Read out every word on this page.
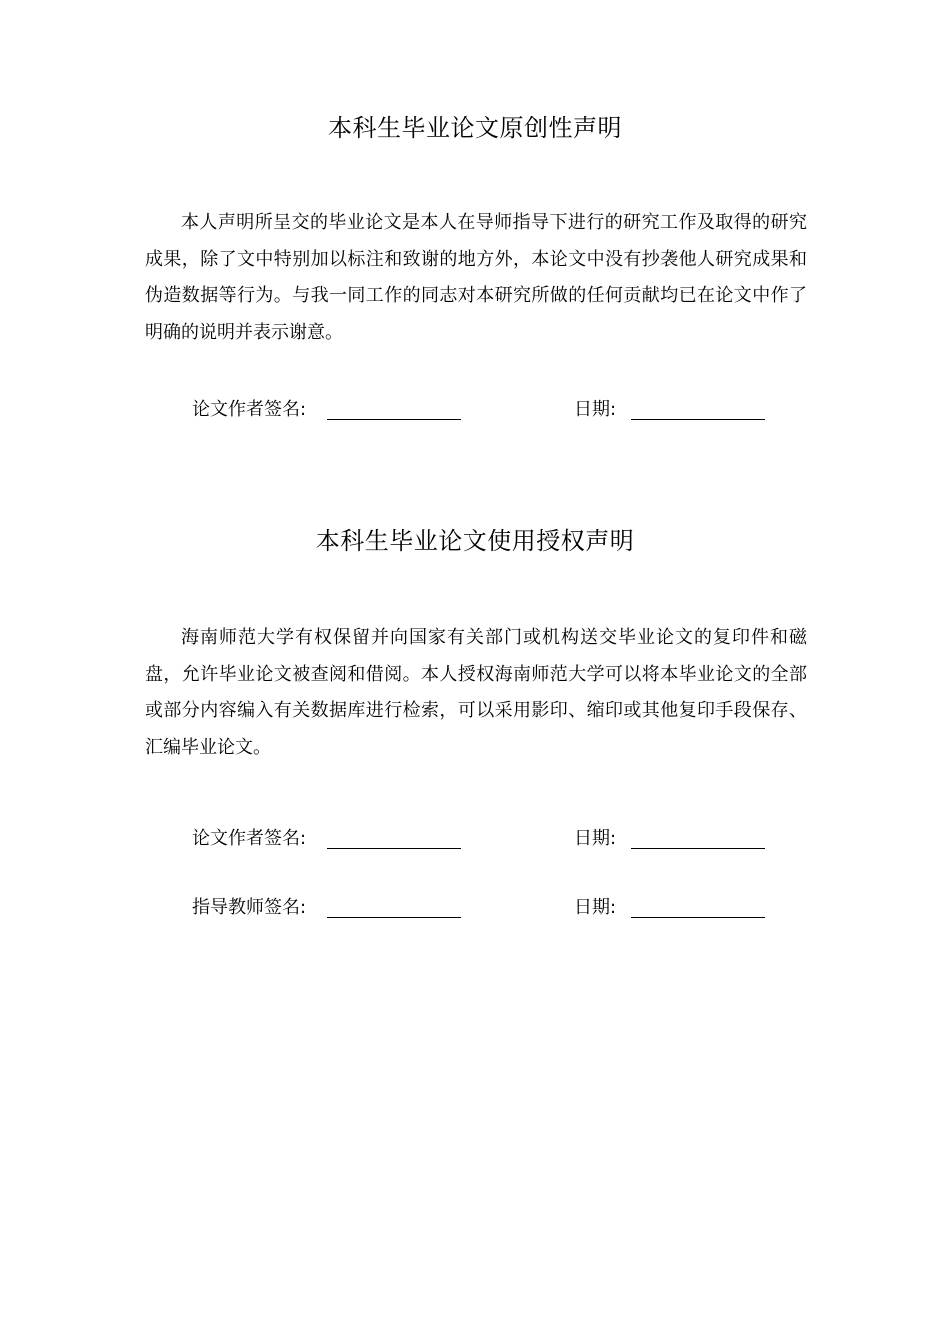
本科生毕业论文原创性声明

本人声明所呈交的毕业论文是本人在导师指导下进行的研究工作及取得的研究成果，除了文中特别加以标注和致谢的地方外，本论文中没有抄袭他人研究成果和伪造数据等行为。与我一同工作的同志对本研究所做的任何贡献均已在论文中作了明确的说明并表示谢意。

论文作者签名:	日期:
本科生毕业论文使用授权声明

海南师范大学有权保留并向国家有关部门或机构送交毕业论文的复印件和磁盘，允许毕业论文被查阅和借阅。本人授权海南师范大学可以将本毕业论文的全部或部分内容编入有关数据库进行检索，可以采用影印、缩印或其他复印手段保存、汇编毕业论文。

论文作者签名:	日期:
指导教师签名:	日期:
